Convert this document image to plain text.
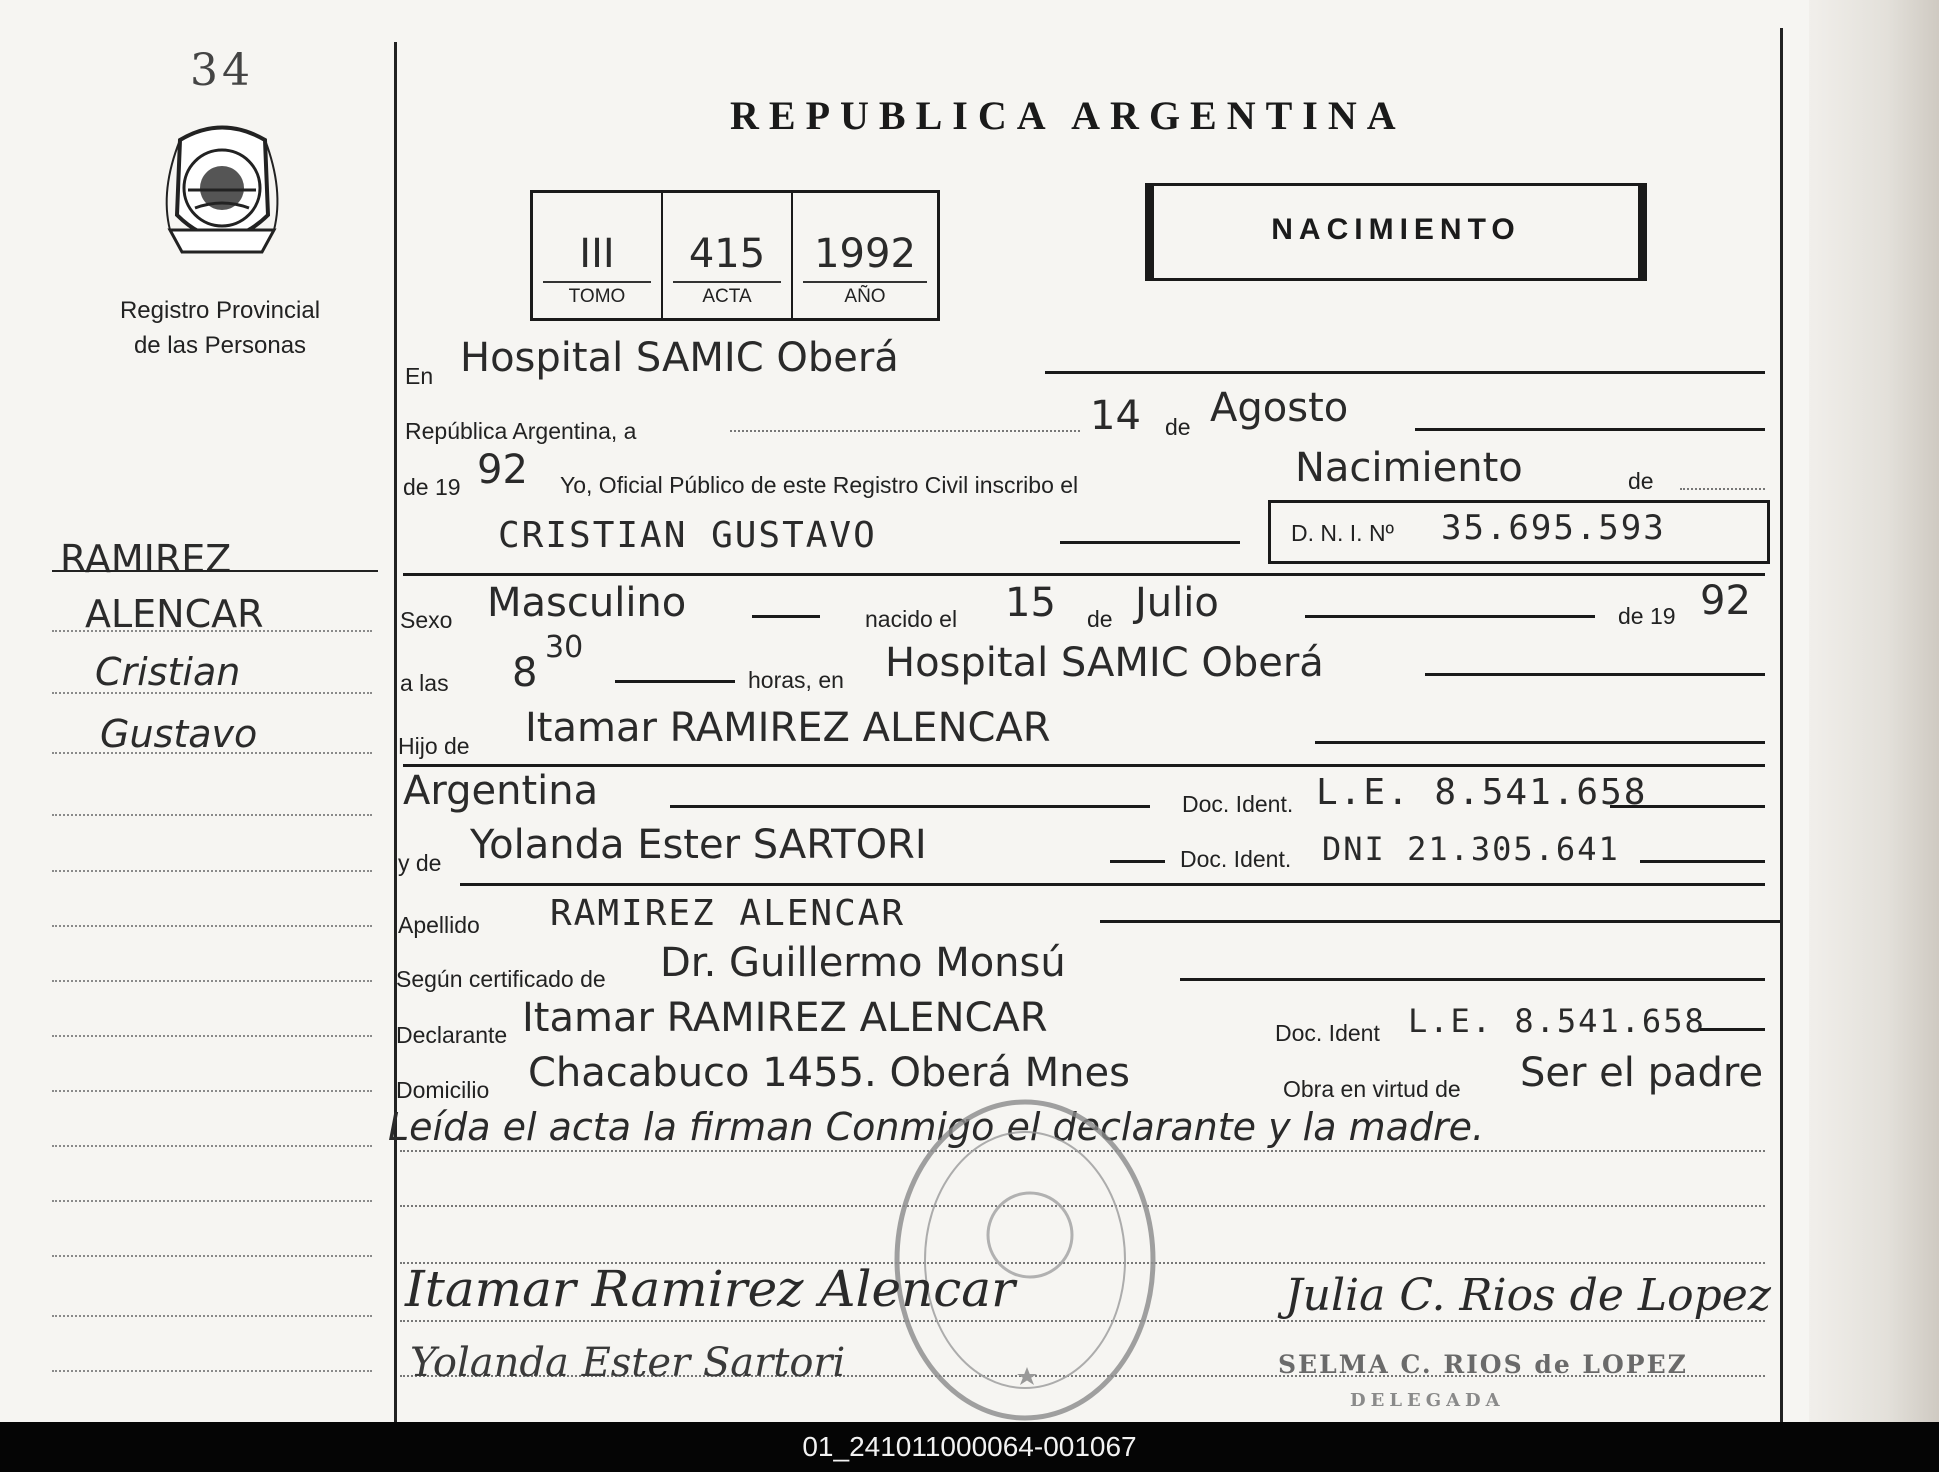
34
Registro Provincial
de las Personas
RAMIREZ
ALENCAR
Cristian
Gustavo
REPUBLICA ARGENTINA
III
TOMO
415
ACTA
1992
AÑO
NACIMIENTO
En Hospital SAMIC Oberá
República Argentina, a	14 de Agosto
de 19 92 Yo, Oficial Público de este Registro Civil inscribo el	Nacimiento	de
CRISTIAN GUSTAVO	D. N. I. Nº 35.695.593
Sexo Masculino	nacido el 15 de Julio	de 19 92
a las 8
30
horas, en Hospital SAMIC Oberá
Hijo de Itamar RAMIREZ ALENCAR
Argentina	Doc. Ident. L.E. 8.541.658
y de Yolanda Ester SARTORI	Doc. Ident. DNI 21.305.641
Apellido RAMIREZ ALENCAR
Según certificado de Dr. Guillermo Monsú
Declarante Itamar RAMIREZ ALENCAR	Doc. Ident L.E. 8.541.658
Domicilio Chacabuco 1455. Oberá Mnes	Obra en virtud de Ser el padre
Leída el acta la firman Conmigo el declarante y la madre.
Itamar Ramirez Alencar
Yolanda Ester Sartori
Julia C. Rios de Lopez
SELMA C. RIOS de LOPEZ
DELEGADA
01_241011000064-001067
